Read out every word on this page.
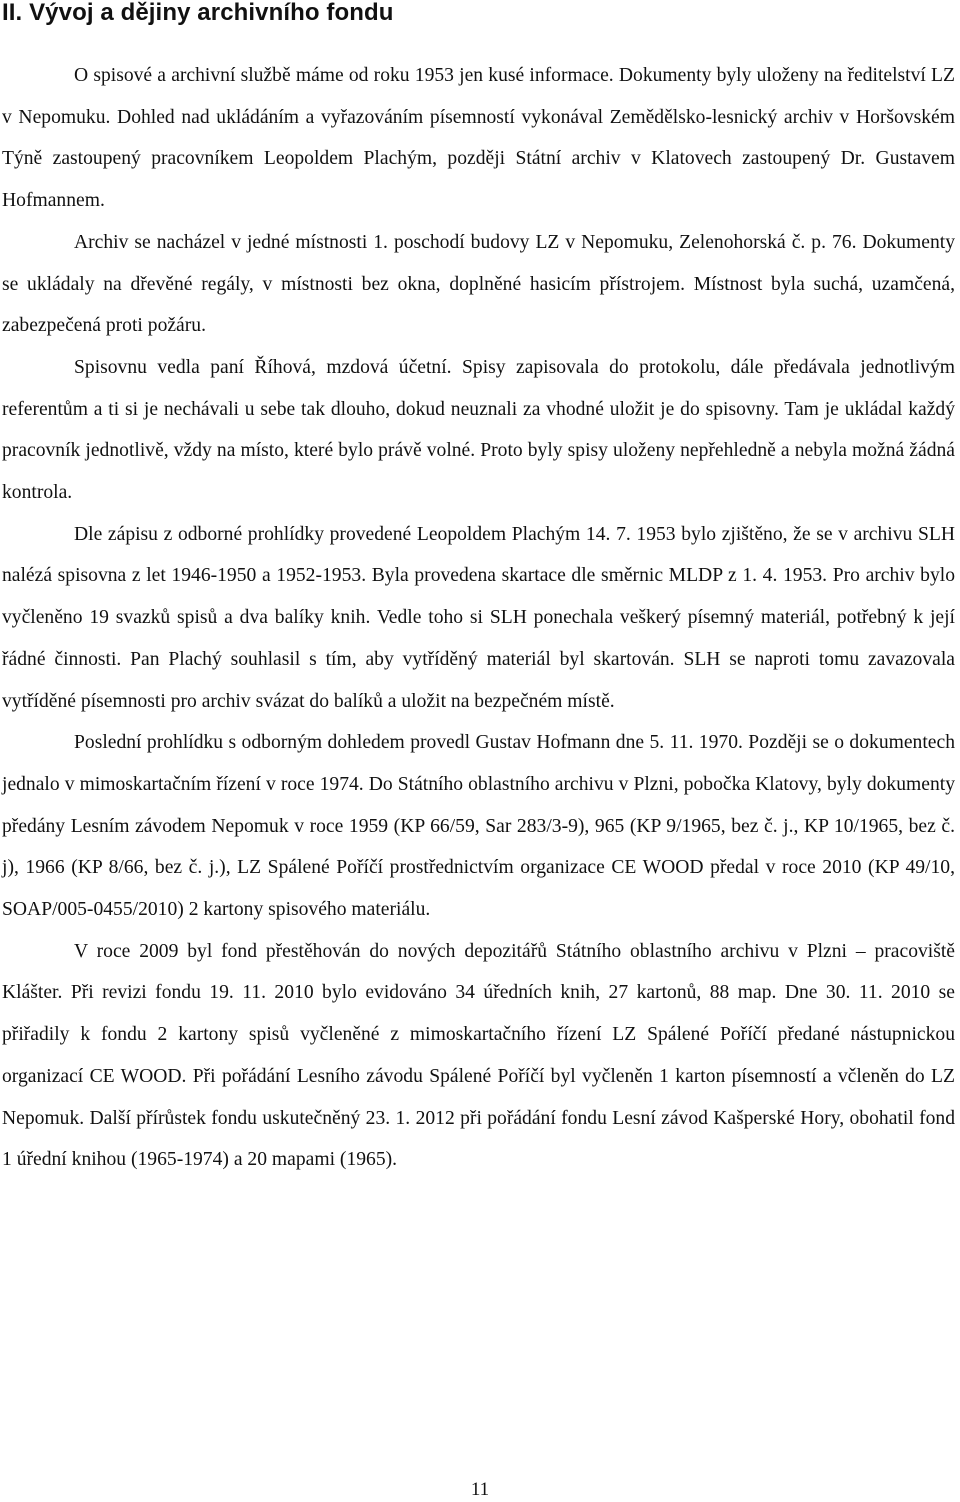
II. Vývoj a dějiny archivního fondu

O spisové a archivní službě máme od roku 1953 jen kusé informace. Dokumenty byly uloženy na ředitelství LZ v Nepomuku. Dohled nad ukládáním a vyřazováním písemností vykonával Zemědělsko-lesnický archiv v Horšovském Týně zastoupený pracovníkem Leopoldem Plachým, později Státní archiv v Klatovech zastoupený Dr. Gustavem Hofmannem.

Archiv se nacházel v jedné místnosti 1. poschodí budovy LZ v Nepomuku, Zelenohorská č. p. 76. Dokumenty se ukládaly na dřevěné regály, v místnosti bez okna, doplněné hasicím přístrojem. Místnost byla suchá, uzamčená, zabezpečená proti požáru.

Spisovnu vedla paní Říhová, mzdová účetní. Spisy zapisovala do protokolu, dále předávala jednotlivým referentům a ti si je nechávali u sebe tak dlouho, dokud neuznali za vhodné uložit je do spisovny. Tam je ukládal každý pracovník jednotlivě, vždy na místo, které bylo právě volné. Proto byly spisy uloženy nepřehledně a nebyla možná žádná kontrola.

Dle zápisu z odborné prohlídky provedené Leopoldem Plachým 14. 7. 1953 bylo zjištěno, že se v archivu SLH nalézá spisovna z let 1946-1950 a 1952-1953. Byla provedena skartace dle směrnic MLDP z 1. 4. 1953. Pro archiv bylo vyčleněno 19 svazků spisů a dva balíky knih. Vedle toho si SLH ponechala veškerý písemný materiál, potřebný k její řádné činnosti. Pan Plachý souhlasil s tím, aby vytříděný materiál byl skartován. SLH se naproti tomu zavazovala vytříděné písemnosti pro archiv svázat do balíků a uložit na bezpečném místě.

Poslední prohlídku s odborným dohledem provedl Gustav Hofmann dne 5. 11. 1970. Později se o dokumentech jednalo v mimoskartačním řízení v roce 1974. Do Státního oblastního archivu v Plzni, pobočka Klatovy, byly dokumenty předány Lesním závodem Nepomuk v roce 1959 (KP 66/59, Sar 283/3-9), 965 (KP 9/1965, bez č. j., KP 10/1965, bez č. j), 1966 (KP 8/66, bez č. j.), LZ Spálené Poříčí prostřednictvím organizace CE WOOD předal v roce 2010 (KP 49/10, SOAP/005-0455/2010) 2 kartony spisového materiálu.

V roce 2009 byl fond přestěhován do nových depozitářů Státního oblastního archivu v Plzni – pracoviště Klášter. Při revizi fondu 19. 11. 2010 bylo evidováno 34 úředních knih, 27 kartonů, 88 map. Dne 30. 11. 2010 se přiřadily k fondu 2 kartony spisů vyčleněné z mimoskartačního řízení LZ Spálené Poříčí předané nástupnickou organizací CE WOOD. Při pořádání Lesního závodu Spálené Poříčí byl vyčleněn 1 karton písemností a včleněn do LZ Nepomuk. Další přírůstek fondu uskutečněný 23. 1. 2012 při pořádání fondu Lesní závod Kašperské Hory, obohatil fond 1 úřední knihou (1965-1974) a 20 mapami (1965).

11
